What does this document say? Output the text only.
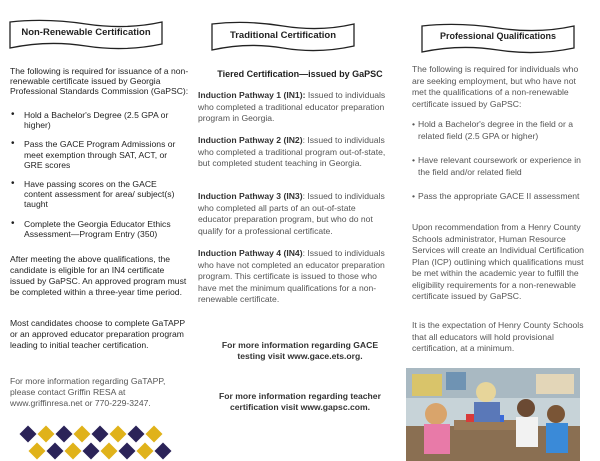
Non-Renewable Certification
The following is required for issuance of a non-renewable certificate issued by Georgia Professional Standards Commission (GaPSC):
• Hold a Bachelor's Degree (2.5 GPA or higher)
• Pass the GACE Program Admissions or meet exemption through SAT, ACT, or GRE scores
• Have passing scores on the GACE content assessment for area/ subject(s) taught
• Complete the Georgia Educator Ethics Assessment—Program Entry (350)
After meeting the above qualifications, the candidate is eligible for an IN4 certificate issued by GaPSC. An approved program must be completed within a three-year time period.
Most candidates choose to complete GaTAPP or an approved educator preparation program leading to initial teacher certification.
For more information regarding GaTAPP, please contact Griffin RESA at www.griffinresa.net or 770-229-3247.
Traditional Certification
Tiered Certification—issued by GaPSC
Induction Pathway 1 (IN1): Issued to individuals who completed a traditional educator preparation program in Georgia.
Induction Pathway 2 (IN2): Issued to individuals who completed a traditional program out-of-state, but completed student teaching in Georgia.
Induction Pathway 3 (IN3): Issued to individuals who completed all parts of an out-of-state educator preparation program, but who do not qualify for a professional certificate.
Induction Pathway 4 (IN4): Issued to individuals who have not completed an educator preparation program. This certificate is issued to those who have met the minimum qualifications for a non-renewable certificate.
For more information regarding GACE testing visit www.gace.ets.org.
For more information regarding teacher certification visit www.gapsc.com.
Professional Qualifications
The following is required for individuals who are seeking employment, but who have not met the qualifications of a non-renewable certificate issued by GaPSC:
• Hold a Bachelor's degree in the field or a related field (2.5 GPA or higher)
• Have relevant coursework or experience in the field and/or related field
• Pass the appropriate GACE II assessment
Upon recommendation from a Henry County Schools administrator, Human Resource Services will create an Individual Certification Plan (ICP) outlining which qualifications must be met within the academic year to fulfill the eligibility requirements for a non-renewable certificate issued by GaPSC.
It is the expectation of Henry County Schools that all educators will hold provisional certification, at a minimum.
